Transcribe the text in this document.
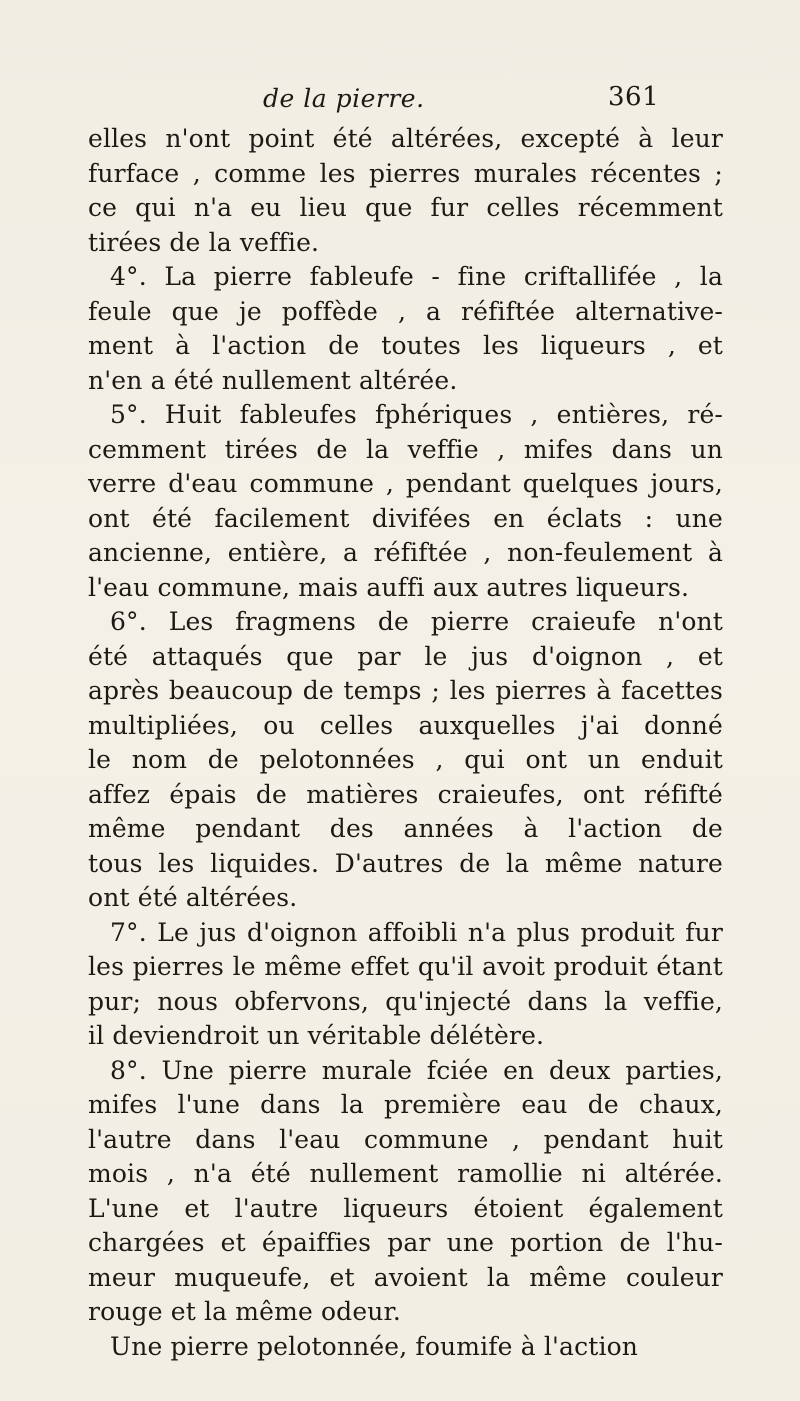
de la pierre.	361
elles n'ont point été altérées, excepté à leur
furface , comme les pierres murales récentes ;
ce qui n'a eu lieu que fur celles récemment
tirées de la veffie.
4°. La pierre fableufe - fine criftallifée , la
feule que je poffède , a réfiftée alternative-
ment à l'action de toutes les liqueurs , et
n'en a été nullement altérée.
5°. Huit fableufes fphériques , entières, ré-
cemment tirées de la veffie , mifes dans un
verre d'eau commune , pendant quelques jours,
ont été facilement divifées en éclats : une
ancienne, entière, a réfiftée , non-feulement à
l'eau commune, mais auffi aux autres liqueurs.
6°. Les fragmens de pierre craieufe n'ont
été attaqués que par le jus d'oignon , et
après beaucoup de temps ; les pierres à facettes
multipliées, ou celles auxquelles j'ai donné
le nom de pelotonnées , qui ont un enduit
affez épais de matières craieufes, ont réfifté
même pendant des années à l'action de
tous les liquides. D'autres de la même nature
ont été altérées.
7°. Le jus d'oignon affoibli n'a plus produit fur
les pierres le même effet qu'il avoit produit étant
pur; nous obfervons, qu'injecté dans la veffie,
il deviendroit un véritable délétère.
8°. Une pierre murale fciée en deux parties,
mifes l'une dans la première eau de chaux,
l'autre dans l'eau commune , pendant huit
mois , n'a été nullement ramollie ni altérée.
L'une et l'autre liqueurs étoient également
chargées et épaiffies par une portion de l'hu-
meur muqueufe, et avoient la même couleur
rouge et la même odeur.
Une pierre pelotonnée, foumife à l'action
